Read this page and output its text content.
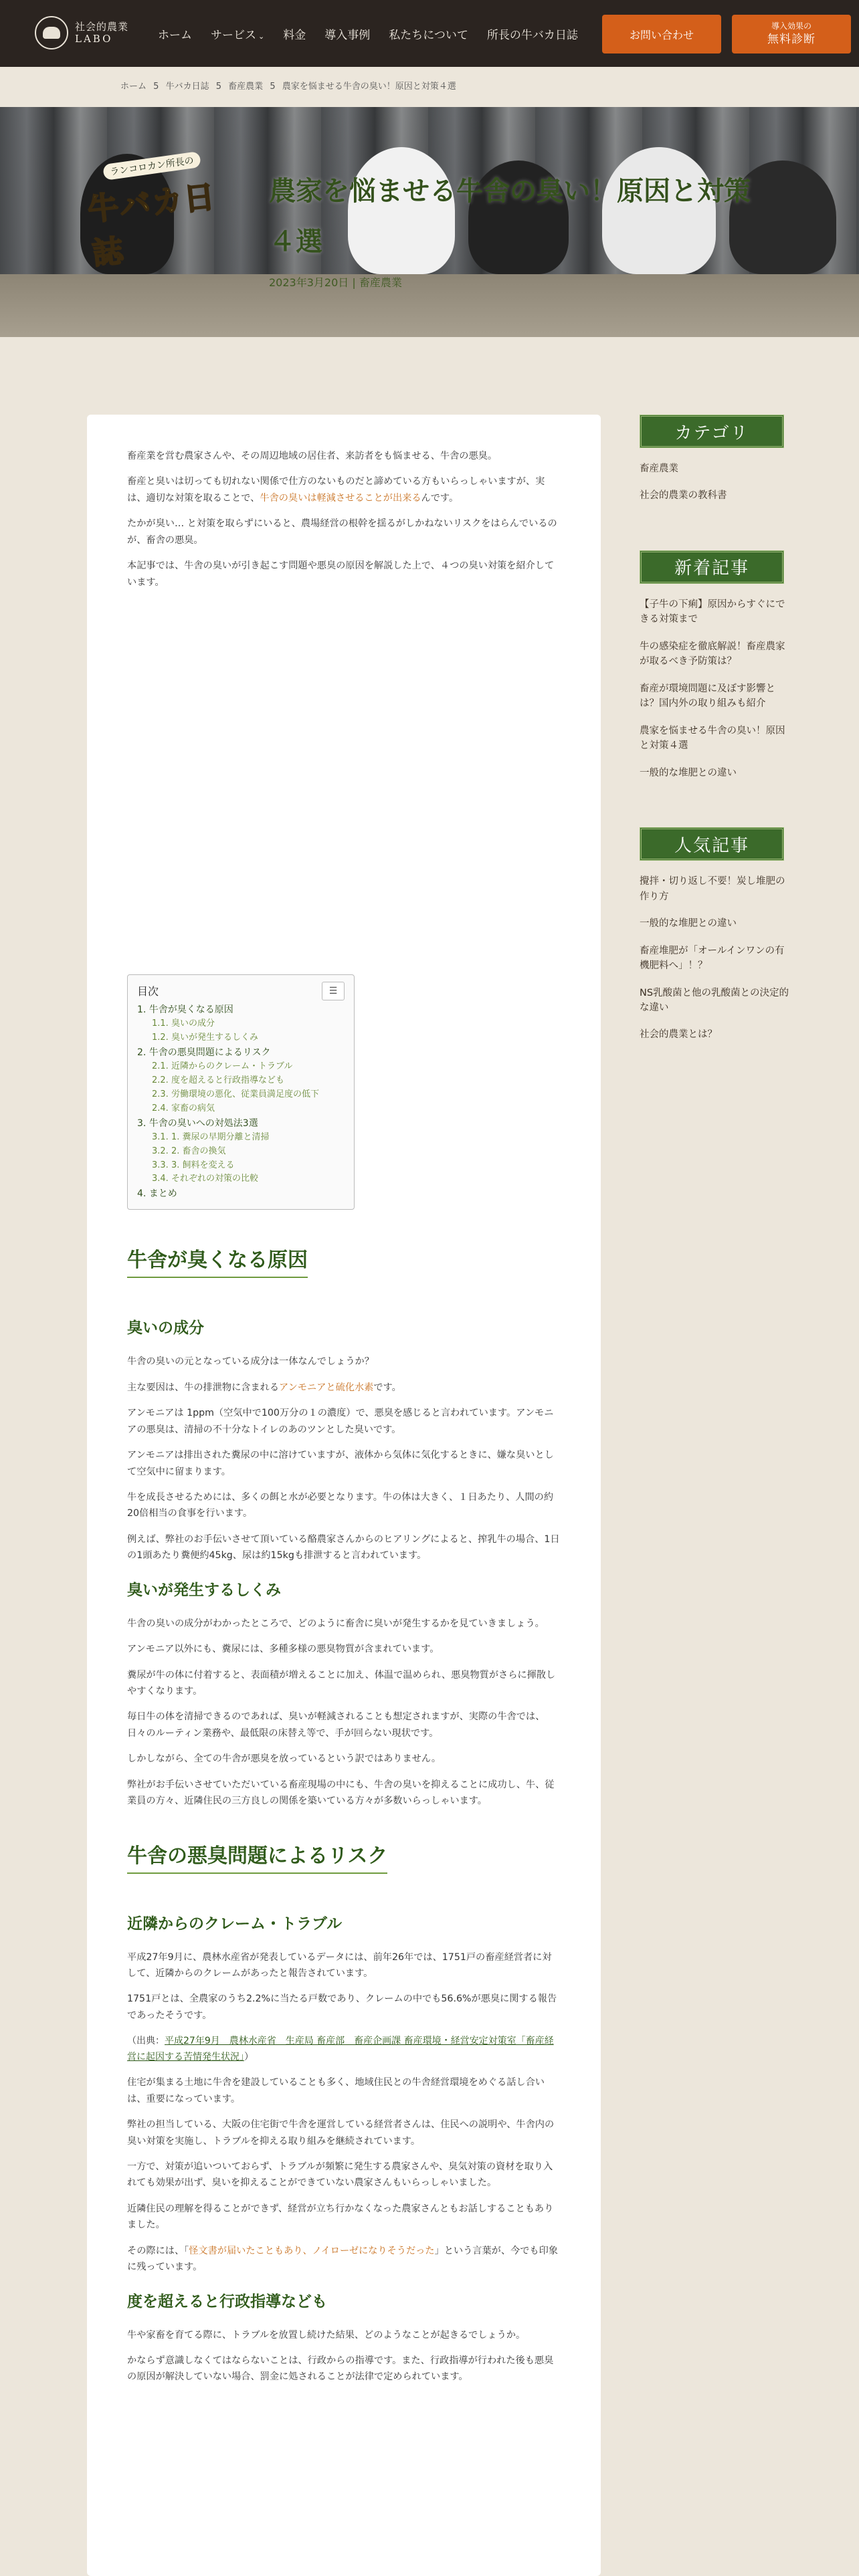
社会的農業
LABO	ホーム	サービス ⌄	料金	導入事例	私たちについて	所長の牛バカ日誌	お問い合わせ
導入効果の
無料診断
ホーム 5 牛バカ日誌 5 畜産農業 5 農家を悩ませる牛舎の臭い！原因と対策４選
ランコロカン所長の
牛バカ日誌
農家を悩ませる牛舎の臭い！原因と対策４選
2023年3月20日 | 畜産農業

畜産業を営む農家さんや、その周辺地域の居住者、来訪者をも悩ませる、牛舎の悪臭。

畜産と臭いは切っても切れない関係で仕方のないものだと諦めている方もいらっしゃいますが、実は、適切な対策を取ることで、牛舎の臭いは軽減させることが出来るんです。

たかが臭い… と対策を取らずにいると、農場経営の根幹を揺るがしかねないリスクをはらんでいるのが、畜舎の悪臭。

本記事では、牛舎の臭いが引き起こす問題や悪臭の原因を解説した上で、４つの臭い対策を紹介しています。

目次	☰
1. 牛舎が臭くなる原因
1.1. 臭いの成分
1.2. 臭いが発生するしくみ
2. 牛舎の悪臭問題によるリスク
2.1. 近隣からのクレーム・トラブル
2.2. 度を超えると行政指導なども
2.3. 労働環境の悪化、従業員満足度の低下
2.4. 家畜の病気
3. 牛舎の臭いへの対処法3選
3.1. 1. 糞尿の早期分離と清掃
3.2. 2. 畜舎の換気
3.3. 3. 飼料を変える
3.4. それぞれの対策の比較
4. まとめ
牛舎が臭くなる原因
臭いの成分

牛舎の臭いの元となっている成分は一体なんでしょうか？

主な要因は、牛の排泄物に含まれるアンモニアと硫化水素です。

アンモニアは 1ppm（空気中で100万分の１の濃度）で、悪臭を感じると言われています。アンモニアの悪臭は、清掃の不十分なトイレのあのツンとした臭いです。

アンモニアは排出された糞尿の中に溶けていますが、液体から気体に気化するときに、嫌な臭いとして空気中に留まります。

牛を成長させるためには、多くの餌と水が必要となります。牛の体は大きく、１日あたり、人間の約20倍相当の食事を行います。

例えば、弊社のお手伝いさせて頂いている酪農家さんからのヒアリングによると、搾乳牛の場合、1日の1頭あたり糞便約45kg、尿は約15kgも排泄すると言われています。

臭いが発生するしくみ

牛舎の臭いの成分がわかったところで、どのように畜舎に臭いが発生するかを見ていきましょう。

アンモニア以外にも、糞尿には、多種多様の悪臭物質が含まれています。

糞尿が牛の体に付着すると、表面積が増えることに加え、体温で温められ、悪臭物質がさらに揮散しやすくなります。

毎日牛の体を清掃できるのであれば、臭いが軽減されることも想定されますが、実際の牛舎では、日々のルーティン業務や、最低限の床替え等で、手が回らない現状です。

しかしながら、全ての牛舎が悪臭を放っているという訳ではありません。

弊社がお手伝いさせていただいている畜産現場の中にも、牛舎の臭いを抑えることに成功し、牛、従業員の方々、近隣住民の三方良しの関係を築いている方々が多数いらっしゃいます。

牛舎の悪臭問題によるリスク
近隣からのクレーム・トラブル

平成27年9月に、農林水産省が発表しているデータには、前年26年では、1751戸の畜産経営者に対して、近隣からのクレームがあったと報告されています。

1751戸とは、全農家のうち2.2%に当たる戸数であり、クレームの中でも56.6%が悪臭に関する報告であったそうです。

（出典：平成27年9月　農林水産省　生産局 畜産部　畜産企画課 畜産環境・経営安定対策室「畜産経営に起因する苦情発生状況」）

住宅が集まる土地に牛舎を建設していることも多く、地域住民との牛舎経営環境をめぐる話し合いは、重要になっています。

弊社の担当している、大阪の住宅街で牛舎を運営している経営者さんは、住民への説明や、牛舎内の臭い対策を実施し、トラブルを抑える取り組みを継続されています。

一方で、対策が追いついておらず、トラブルが頻繁に発生する農家さんや、臭気対策の資材を取り入れても効果が出ず、臭いを抑えることができていない農家さんもいらっしゃいました。

近隣住民の理解を得ることができず、経営が立ち行かなくなった農家さんともお話しすることもありました。

その際には、「怪文書が届いたこともあり、ノイローゼになりそうだった」という言葉が、今でも印象に残っています。

度を超えると行政指導なども

牛や家畜を育てる際に、トラブルを放置し続けた結果、どのようなことが起きるでしょうか。

かならず意識しなくてはならないことは、行政からの指導です。また、行政指導が行われた後も悪臭の原因が解決していない場合、罰金に処されることが法律で定められています。

カテゴリ
畜産農業
社会的農業の教科書
新着記事
【子牛の下痢】原因からすぐにできる対策まで
牛の感染症を徹底解説！畜産農家が取るべき予防策は？
畜産が環境問題に及ぼす影響とは？国内外の取り組みも紹介
農家を悩ませる牛舎の臭い！原因と対策４選
一般的な堆肥との違い
人気記事
攪拌・切り返し不要！炭し堆肥の作り方
一般的な堆肥との違い
畜産堆肥が「オールインワンの有機肥料へ」！？
NS乳酸菌と他の乳酸菌との決定的な違い
社会的農業とは？
